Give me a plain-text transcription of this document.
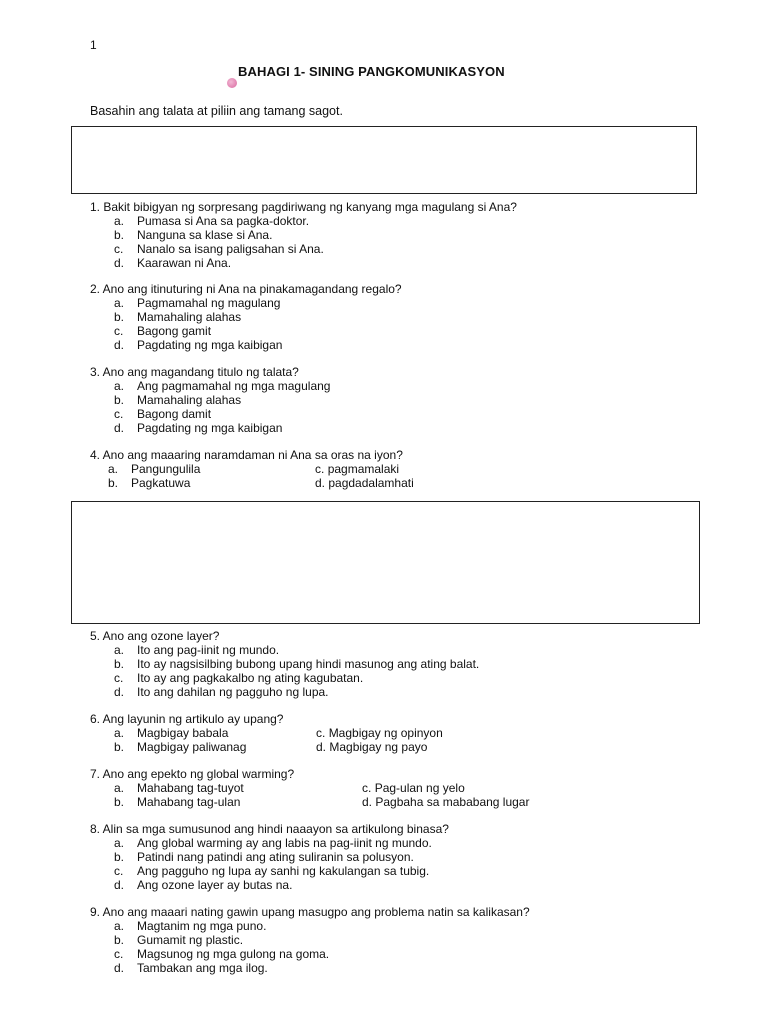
1
BAHAGI 1- SINING PANGKOMUNIKASYON
Basahin ang talata at piliin ang tamang sagot.
1. Bakit bibigyan ng sorpresang pagdiriwang ng kanyang mga magulang si Ana?
a. Pumasa si Ana sa pagka-doktor.
b. Nanguna sa klase si Ana.
c. Nanalo sa isang paligsahan si Ana.
d. Kaarawan ni Ana.
2. Ano ang itinuturing ni Ana na pinakamagandang regalo?
a. Pagmamahal ng magulang
b. Mamahaling alahas
c. Bagong gamit
d. Pagdating ng mga kaibigan
3. Ano ang magandang titulo ng talata?
a. Ang pagmamahal ng mga magulang
b. Mamahaling alahas
c. Bagong damit
d. Pagdating ng mga kaibigan
4. Ano ang maaaring naramdaman ni Ana sa oras na iyon?
a. Pangungulila	c. pagmamalaki
b. Pagkatuwa	d. pagdadalamhati
5. Ano ang ozone layer?
a. Ito ang pag-iinit ng mundo.
b. Ito ay nagsisilbing bubong upang hindi masunog ang ating balat.
c. Ito ay ang pagkakalbo ng ating kagubatan.
d. Ito ang dahilan ng pagguho ng lupa.
6. Ang layunin ng artikulo ay upang?
a. Magbigay babala	c. Magbigay ng opinyon
b. Magbigay paliwanag	d. Magbigay ng payo
7. Ano ang epekto ng global warming?
a. Mahabang tag-tuyot	c. Pag-ulan ng yelo
b. Mahabang tag-ulan	d. Pagbaha sa mababang lugar
8. Alin sa mga sumusunod ang hindi naaayon sa artikulong binasa?
a. Ang global warming ay ang labis na pag-iinit ng mundo.
b. Patindi nang patindi ang ating suliranin sa polusyon.
c. Ang pagguho ng lupa ay sanhi ng kakulangan sa tubig.
d. Ang ozone layer ay butas na.
9. Ano ang maaari nating gawin upang masugpo ang problema natin sa kalikasan?
a. Magtanim ng mga puno.
b. Gumamit ng plastic.
c. Magsunog ng mga gulong na goma.
d. Tambakan ang mga ilog.
